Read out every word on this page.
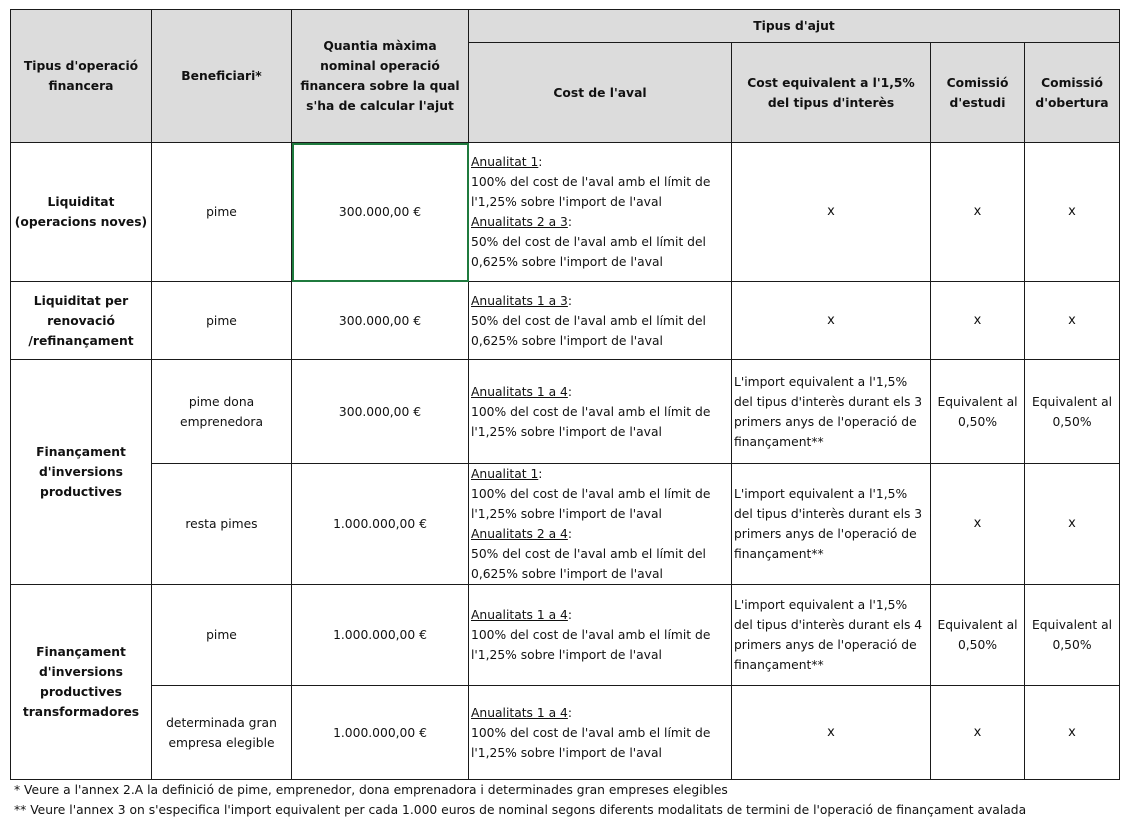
Tipus d'operació financera	Beneficiari*	Quantia màxima nominal operació financera sobre la qual s'ha de calcular l'ajut	Tipus d'ajut			
			Cost de l'aval	Cost equivalent a l'1,5% del tipus d'interès	Comissió d'estudi	Comissió d'obertura
Liquiditat (operacions noves)	pime	300.000,00 €	Anualitat 1:
100% del cost de l'aval amb el límit de l'1,25% sobre l'import de l'aval
Anualitats 2 a 3:
50% del cost de l'aval amb el límit del 0,625% sobre l'import de l'aval	x	x	x
Liquiditat per renovació /refinançament	pime	300.000,00 €	Anualitats 1 a 3:
50% del cost de l'aval amb el límit del 0,625% sobre l'import de l'aval	x	x	x
Finançament d'inversions productives	pime dona emprenedora	300.000,00 €	Anualitats 1 a 4:
100% del cost de l'aval amb el límit de l'1,25% sobre l'import de l'aval	L'import equivalent a l'1,5% del tipus d'interès durant els 3 primers anys de l'operació de finançament**	Equivalent al 0,50%	Equivalent al 0,50%
	resta pimes	1.000.000,00 €	Anualitat 1:
100% del cost de l'aval amb el límit de l'1,25% sobre l'import de l'aval
Anualitats 2 a 4:
50% del cost de l'aval amb el límit del 0,625% sobre l'import de l'aval	L'import equivalent a l'1,5% del tipus d'interès durant els 3 primers anys de l'operació de finançament**	x	x
Finançament d'inversions productives transformadores	pime	1.000.000,00 €	Anualitats 1 a 4:
100% del cost de l'aval amb el límit de l'1,25% sobre l'import de l'aval	L'import equivalent a l'1,5% del tipus d'interès durant els 4 primers anys de l'operació de finançament**	Equivalent al 0,50%	Equivalent al 0,50%
	determinada gran empresa elegible	1.000.000,00 €	Anualitats 1 a 4:
100% del cost de l'aval amb el límit de l'1,25% sobre l'import de l'aval	x	x	x
* Veure a l'annex 2.A la definició de pime, emprenedor, dona emprenadora i determinades gran empreses elegibles
** Veure l'annex 3 on s'especifica l'import equivalent per cada 1.000 euros de nominal segons diferents modalitats de termini de l'operació de finançament avalada
